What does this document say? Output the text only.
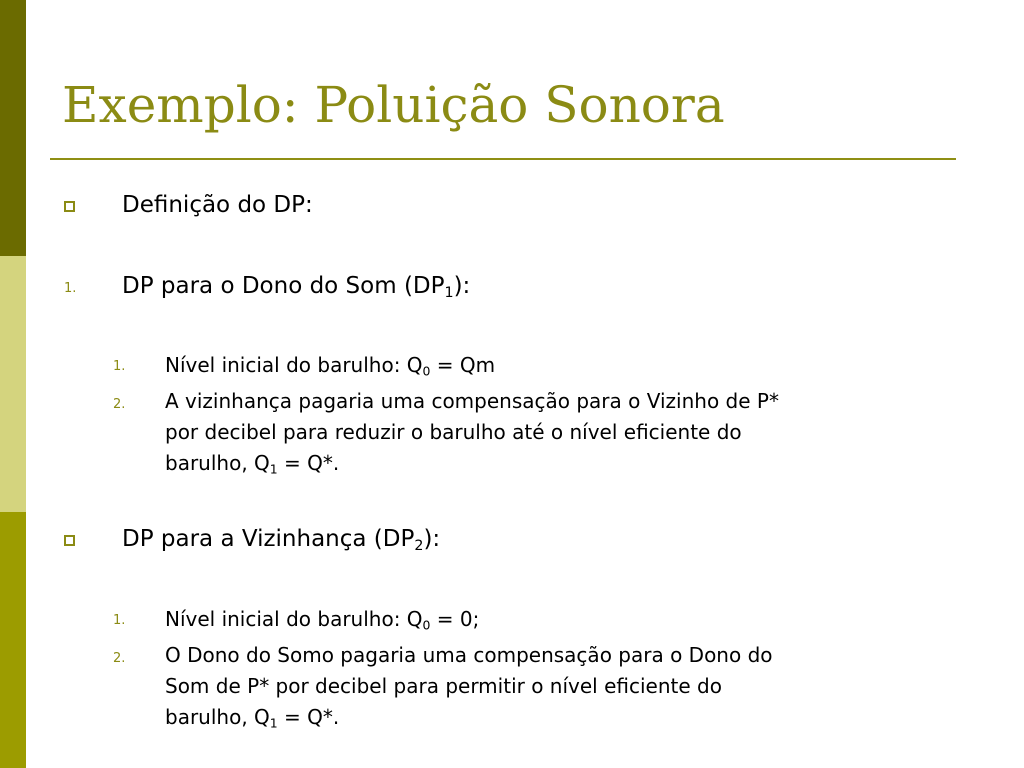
Exemplo: Poluição Sonora

Definição do DP:

1. DP para o Dono do Som $(DP_1)$:

1. Nível inicial do barulho: $Q_0 = Qm$

2. A vizinhança pagaria uma compensação para o Vizinho de P*

por decibel para reduzir o barulho até o nível eficiente do

barulho, $Q_1 = Q*$.

DP para a Vizinhança $(DP_2)$:

1. Nível inicial do barulho: $Q_0 = 0$;

2. O Dono do Somo pagaria uma compensação para o Dono do

Som de P* por decibel para permitir o nível eficiente do

barulho, $Q_1 = Q*$.
